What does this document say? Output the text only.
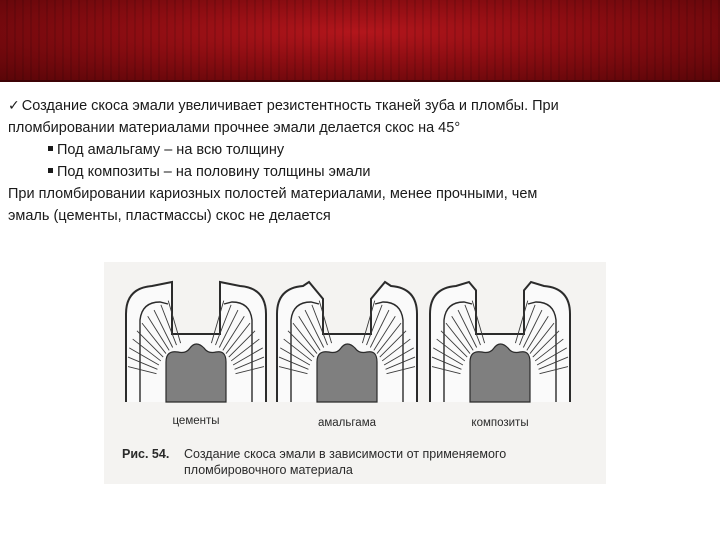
✓ Создание скоса эмали увеличивает резистентность тканей зуба и пломбы. При
пломбировании материалами прочнее эмали делается скос на 45°
Под амальгаму – на всю толщину
Под композиты – на половину толщины эмали
При пломбировании кариозных полостей материалами, менее прочными, чем
эмаль (цементы, пластмассы) скос не делается
цементы	амальгама	композиты
Рис. 54. Создание скоса эмали в зависимости от применяемого
пломбировочного материала
